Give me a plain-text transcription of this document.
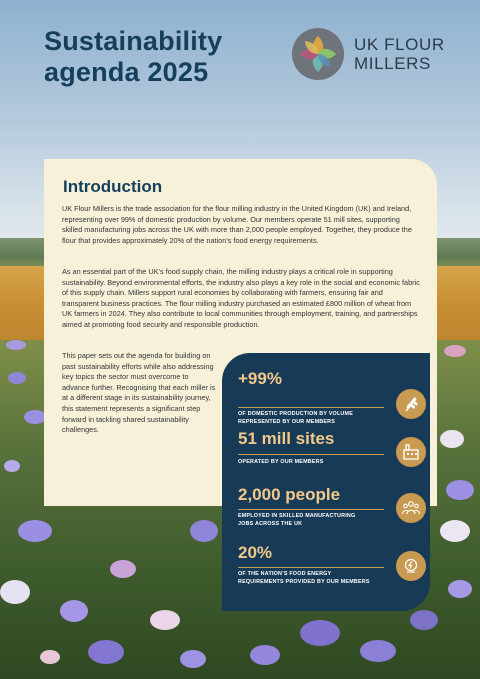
Sustainability
agenda 2025
UK FLOUR
MILLERS
Introduction

UK Flour Millers is the trade association for the flour milling industry in the United Kingdom (UK) and Ireland, representing over 99% of domestic production by volume. Our members operate 51 mill sites, supporting skilled manufacturing jobs across the UK with more than 2,000 people employed. Together, they produce the flour that provides approximately 20% of the nation’s food energy requirements.

As an essential part of the UK’s food supply chain, the milling industry plays a critical role in supporting sustainability. Beyond environmental efforts, the industry also plays a key role in the social and economic fabric of this supply chain. Millers support rural economies by collaborating with farmers, ensuring fair and transparent business practices. The flour milling industry purchased an estimated £800 million of wheat from UK farmers in 2024. They also contribute to local communities through employment, training, and partnerships aimed at promoting food security and responsible production.

This paper sets out the agenda for building on past sustainability efforts while also addressing key topics the sector must overcome to advance further. Recognising that each miller is at a different stage in its sustainability journey, this statement represents a significant step forward in tackling shared sustainability challenges.

+99%
OF DOMESTIC PRODUCTION BY VOLUME
REPRESENTED BY OUR MEMBERS
51 mill sites
OPERATED BY OUR MEMBERS
2,000 people
EMPLOYED IN SKILLED MANUFACTURING
JOBS ACROSS THE UK
20%
OF THE NATION’S FOOD ENERGY
REQUIREMENTS PROVIDED BY OUR MEMBERS
